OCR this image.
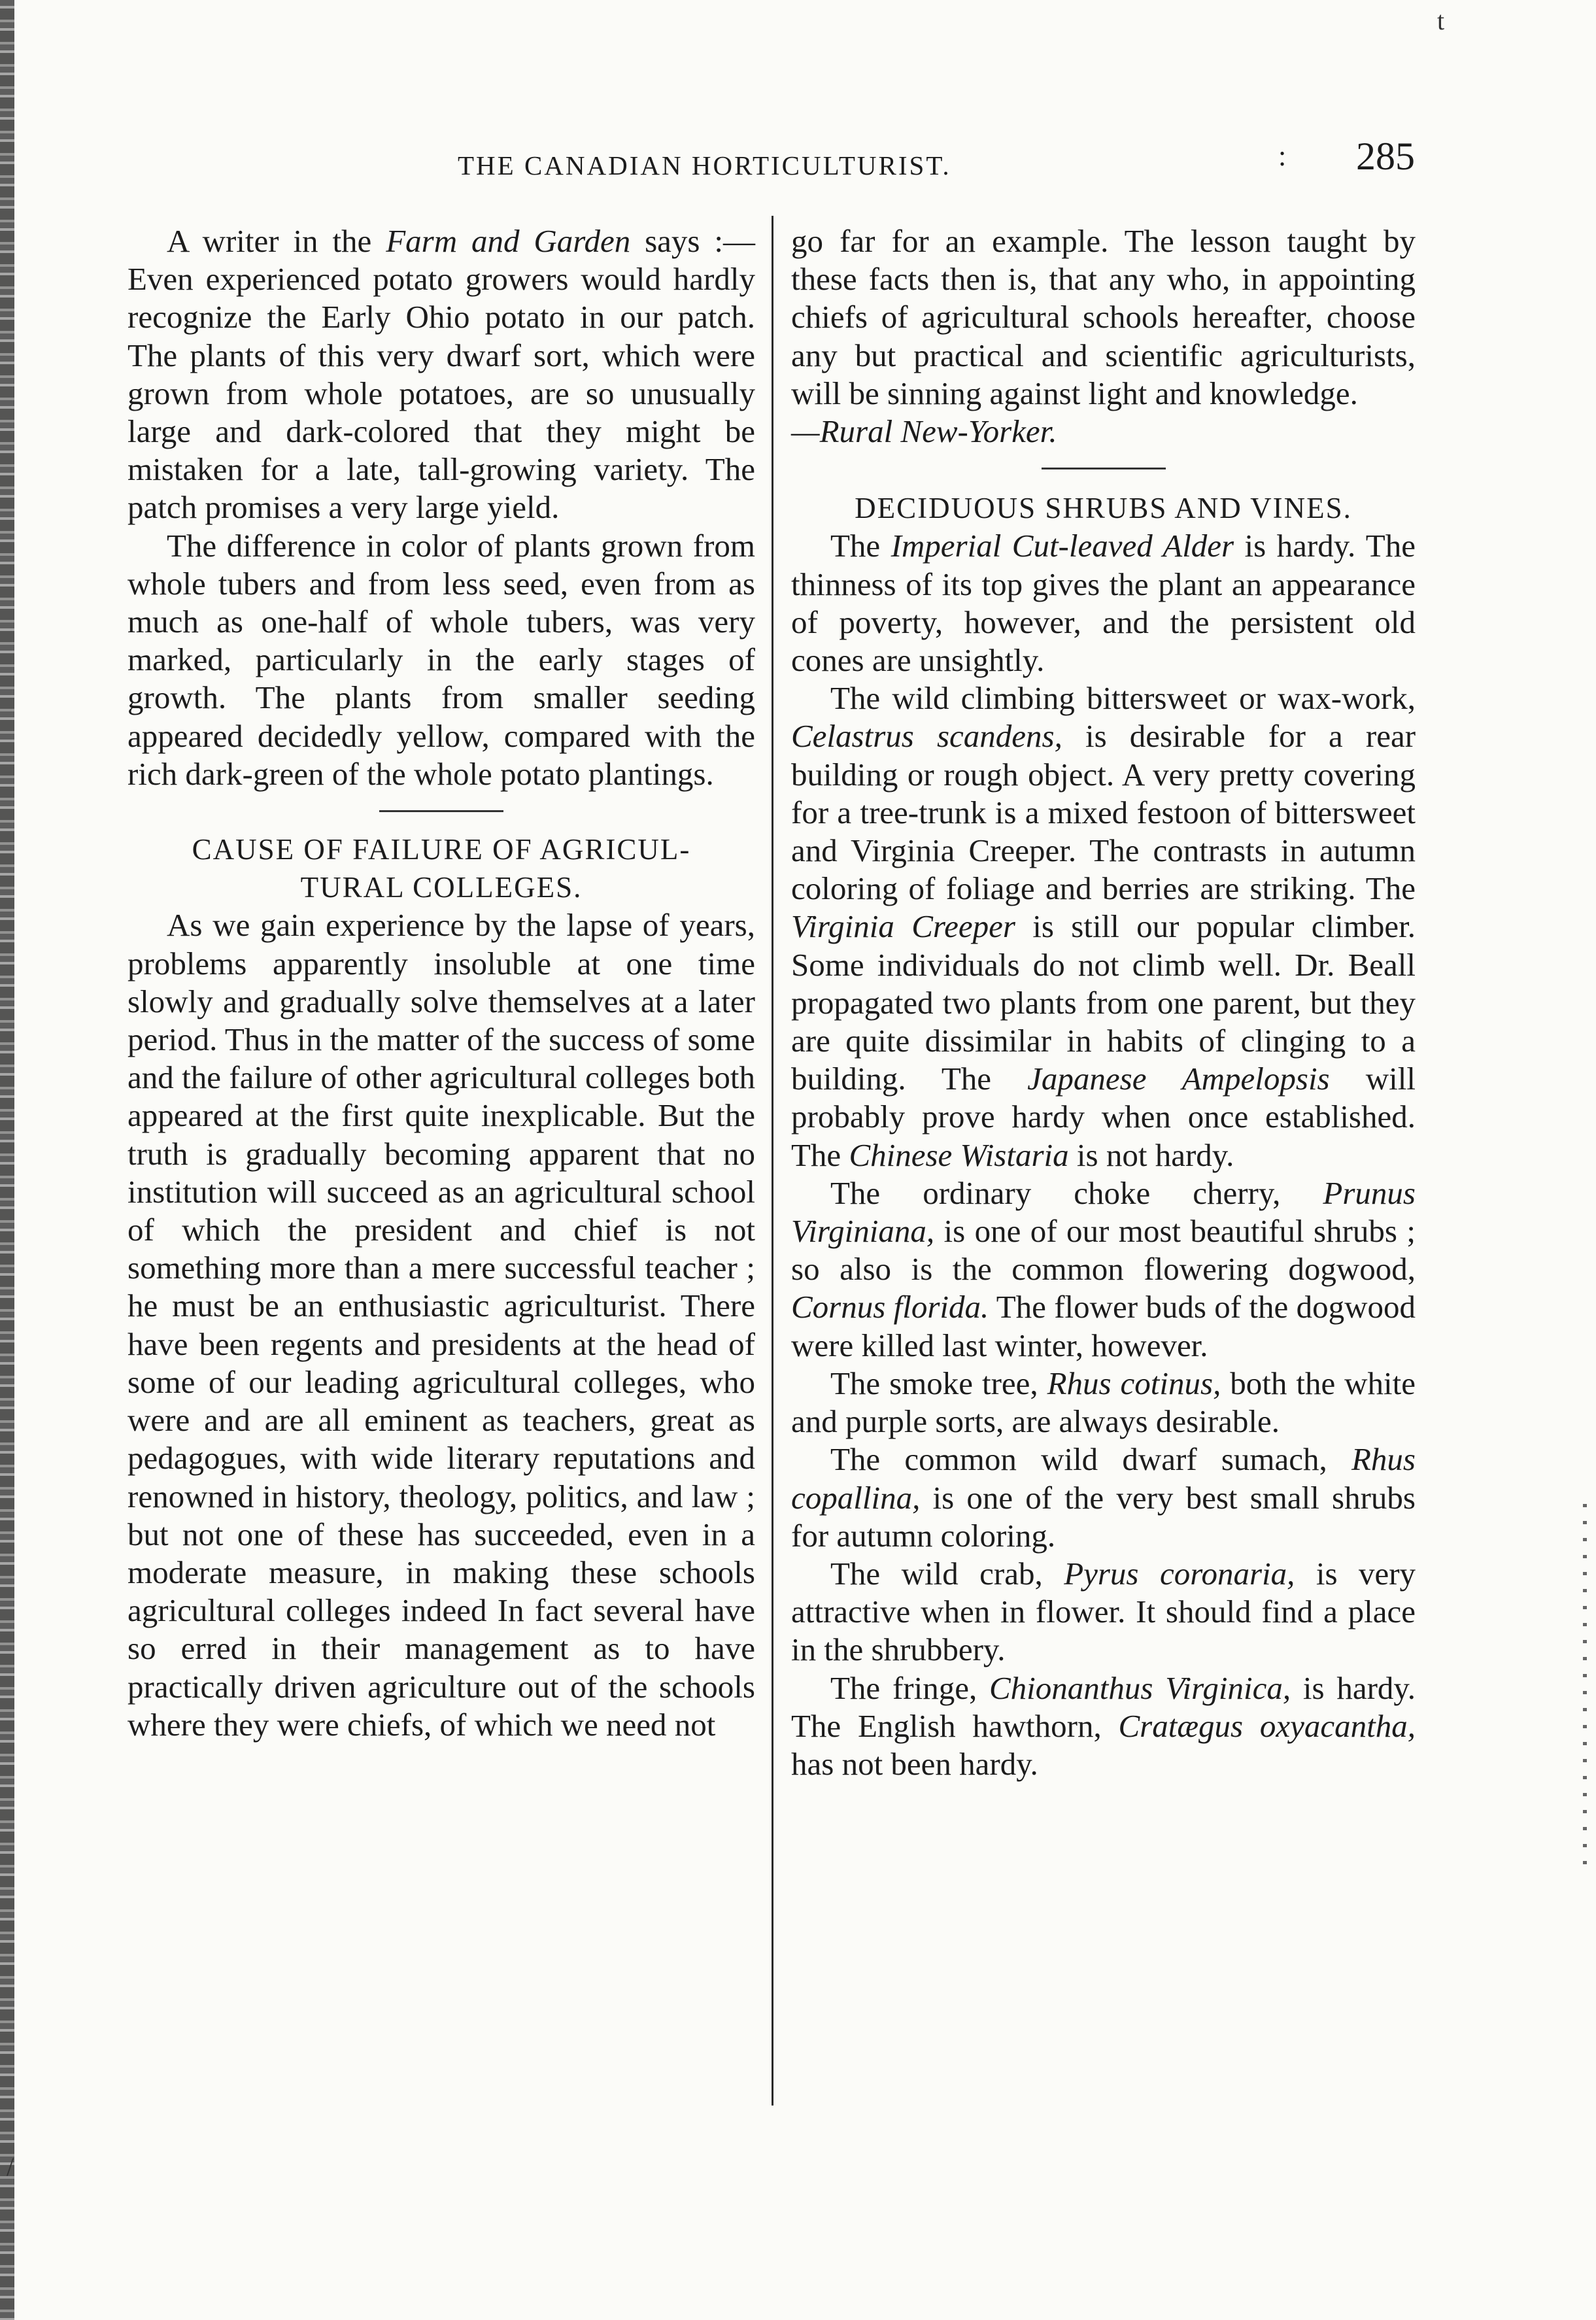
t
/
THE CANADIAN HORTICULTURIST.	: 285

A writer in the Farm and Garden says :—Even experienced potato growers would hardly recognize the Early Ohio potato in our patch. The plants of this very dwarf sort, which were grown from whole potatoes, are so unusually large and dark-colored that they might be mistaken for a late, tall-growing variety. The patch promises a very large yield.

The difference in color of plants grown from whole tubers and from less seed, even from as much as one-half of whole tubers, was very marked, particularly in the early stages of growth. The plants from smaller seeding appeared decidedly yellow, compared with the rich dark-green of the whole potato plantings.

CAUSE OF FAILURE OF AGRICUL-
TURAL COLLEGES.

As we gain experience by the lapse of years, problems apparently insoluble at one time slowly and gradually solve themselves at a later period. Thus in the matter of the success of some and the failure of other agricultural colleges both appeared at the first quite inexplicable. But the truth is gradually becoming apparent that no institution will succeed as an agricultural school of which the president and chief is not something more than a mere successful teacher ; he must be an enthusiastic agriculturist. There have been regents and presidents at the head of some of our leading agricultural colleges, who were and are all eminent as teachers, great as pedagogues, with wide literary reputations and renowned in history, theology, politics, and law ; but not one of these has succeeded, even in a moderate measure, in making these schools agricultural colleges indeed In fact several have so erred in their management as to have practically driven agriculture out of the schools where they were chiefs, of which we need not

go far for an example. The lesson taught by these facts then is, that any who, in appointing chiefs of agricultural schools hereafter, choose any but practical and scientific agriculturists, will be sinning against light and knowledge.

—Rural New-Yorker.

DECIDUOUS SHRUBS AND VINES.

The Imperial Cut-leaved Alder is hardy. The thinness of its top gives the plant an appearance of poverty, however, and the persistent old cones are unsightly.

The wild climbing bittersweet or wax-work, Celastrus scandens, is desirable for a rear building or rough object. A very pretty covering for a tree-trunk is a mixed festoon of bittersweet and Virginia Creeper. The contrasts in autumn coloring of foliage and berries are striking. The Virginia Creeper is still our popular climber. Some individuals do not climb well. Dr. Beall propagated two plants from one parent, but they are quite dissimilar in habits of clinging to a building. The Japanese Ampelopsis will probably prove hardy when once established. The Chinese Wistaria is not hardy.

The ordinary choke cherry, Prunus Virginiana, is one of our most beautiful shrubs ; so also is the common flowering dogwood, Cornus florida. The flower buds of the dogwood were killed last winter, however.

The smoke tree, Rhus cotinus, both the white and purple sorts, are always desirable.

The common wild dwarf sumach, Rhus copallina, is one of the very best small shrubs for autumn coloring.

The wild crab, Pyrus coronaria, is very attractive when in flower. It should find a place in the shrubbery.

The fringe, Chionanthus Virginica, is hardy. The English hawthorn, Cratægus oxyacantha, has not been hardy.
